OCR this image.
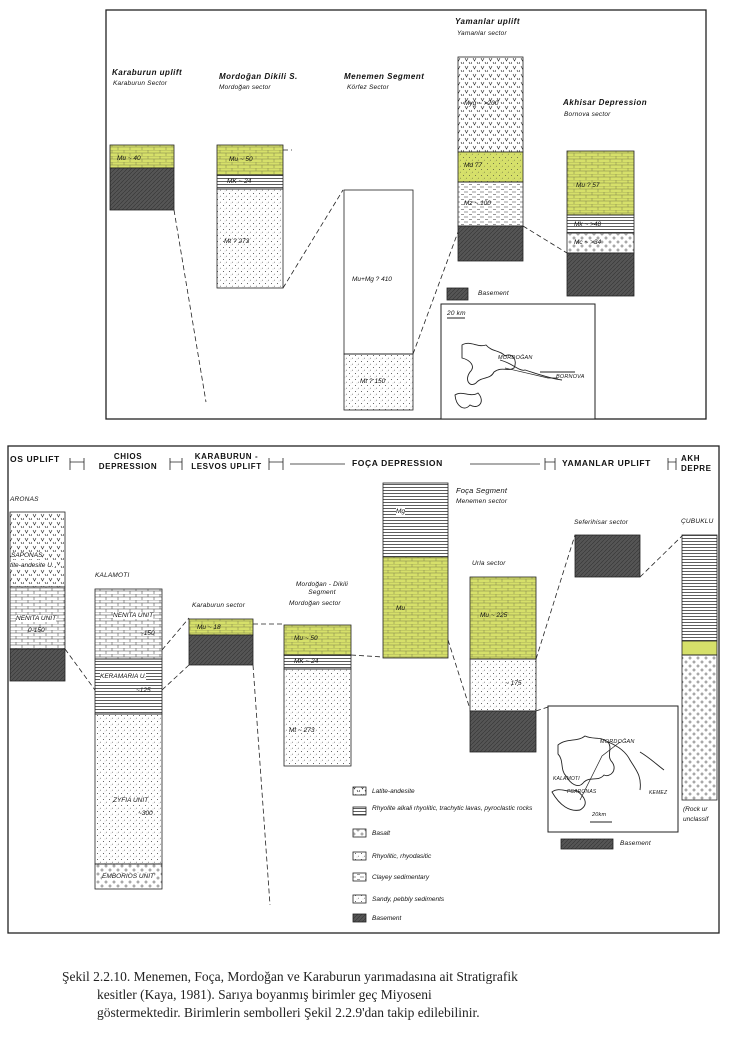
Karaburun uplift
Karaburun Sector
Mordoğan Dikili S.
Mordoğan sector
Menemen Segment
Körfez Sector
Yamanlar uplift
Yamanlar sector
Akhisar Depression
Bornova sector
Mu ~ 40	Mu ~ 50
MK ~ 24
Mt ? 273
Mu+Mg ? 410
Mt ? 150
Myg ~ >200
Md 77
Mz ~ 100
Mu ? 57
Mk ~ >48
Mc ~ >34
Basement
20 km
MORDOĞAN
BORNOVA
OS UPLIFT	CHIOS DEPRESSION
KARABURUN - LESVOS UPLIFT	FOÇA DEPRESSION	YAMANLAR UPLIFT	AKH DEPRE
ARONAS
KALAMOTI
Karaburun sector
Mordoğan - Dikili Segment
Mordoğan sector
Foça Segment
Menemen sector
Urla sector
Seferihisar sector	ÇUBUKLU
SAPONAS
tite-andesite U.
NENITA UNIT
0-150
NENITA UNIT
~150
KERAMARIA U.
~125
ZYFIA UNIT
~300
EMBORIOS UNIT
Mu ~ 18
Mu ~ 50
MK ~ 24
Mt ~ 273
Mg
Mu
Mu ~ 225
~ 175
(Rock ur
unclassif
Latite-andesite
Rhyolite alkali rhyolitic, trachytic lavas, pyroclastic rocks
Basalt
Rhyolitic, rhyodasitic
Clayey sedimentary
Sandy, pebbly sediments
Basement
Basement
20km
MORDOĞAN
KALAMOTI
PSARONAS	KEMEZ
Şekil 2.2.10. Menemen, Foça, Mordoğan ve Karaburun yarımadasına ait Stratigrafik
kesitler (Kaya, 1981). Sarıya boyanmış birimler geç Miyoseni
göstermektedir. Birimlerin sembolleri Şekil 2.2.9'dan takip edilebilinir.
